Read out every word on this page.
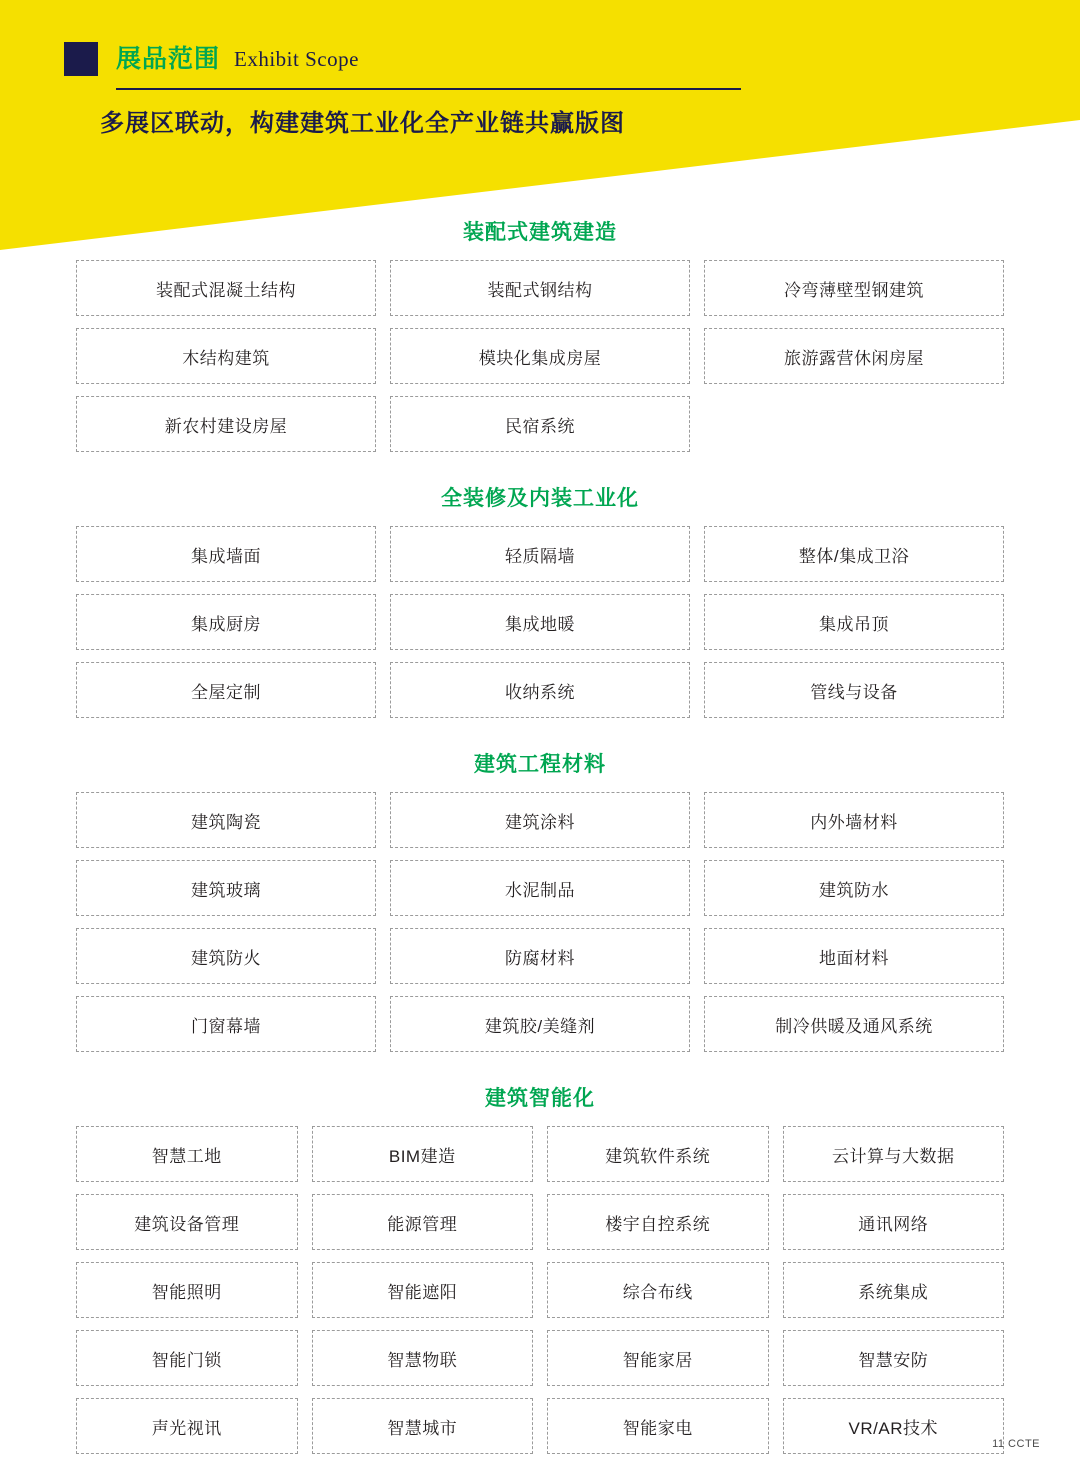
展品范围 Exhibit Scope
多展区联动，构建建筑工业化全产业链共赢版图
装配式建筑建造
装配式混凝土结构	装配式钢结构	冷弯薄壁型钢建筑
木结构建筑	模块化集成房屋	旅游露营休闲房屋
新农村建设房屋	民宿系统
全装修及内装工业化
集成墙面	轻质隔墙	整体/集成卫浴
集成厨房	集成地暖	集成吊顶
全屋定制	收纳系统	管线与设备
建筑工程材料
建筑陶瓷	建筑涂料	内外墙材料
建筑玻璃	水泥制品	建筑防水
建筑防火	防腐材料	地面材料
门窗幕墙	建筑胶/美缝剂	制冷供暖及通风系统
建筑智能化
智慧工地	BIM建造	建筑软件系统	云计算与大数据
建筑设备管理	能源管理	楼宇自控系统	通讯网络
智能照明	智能遮阳	综合布线	系统集成
智能门锁	智慧物联	智能家居	智慧安防
声光视讯	智慧城市	智能家电	VR/AR技术
11 CCTE
